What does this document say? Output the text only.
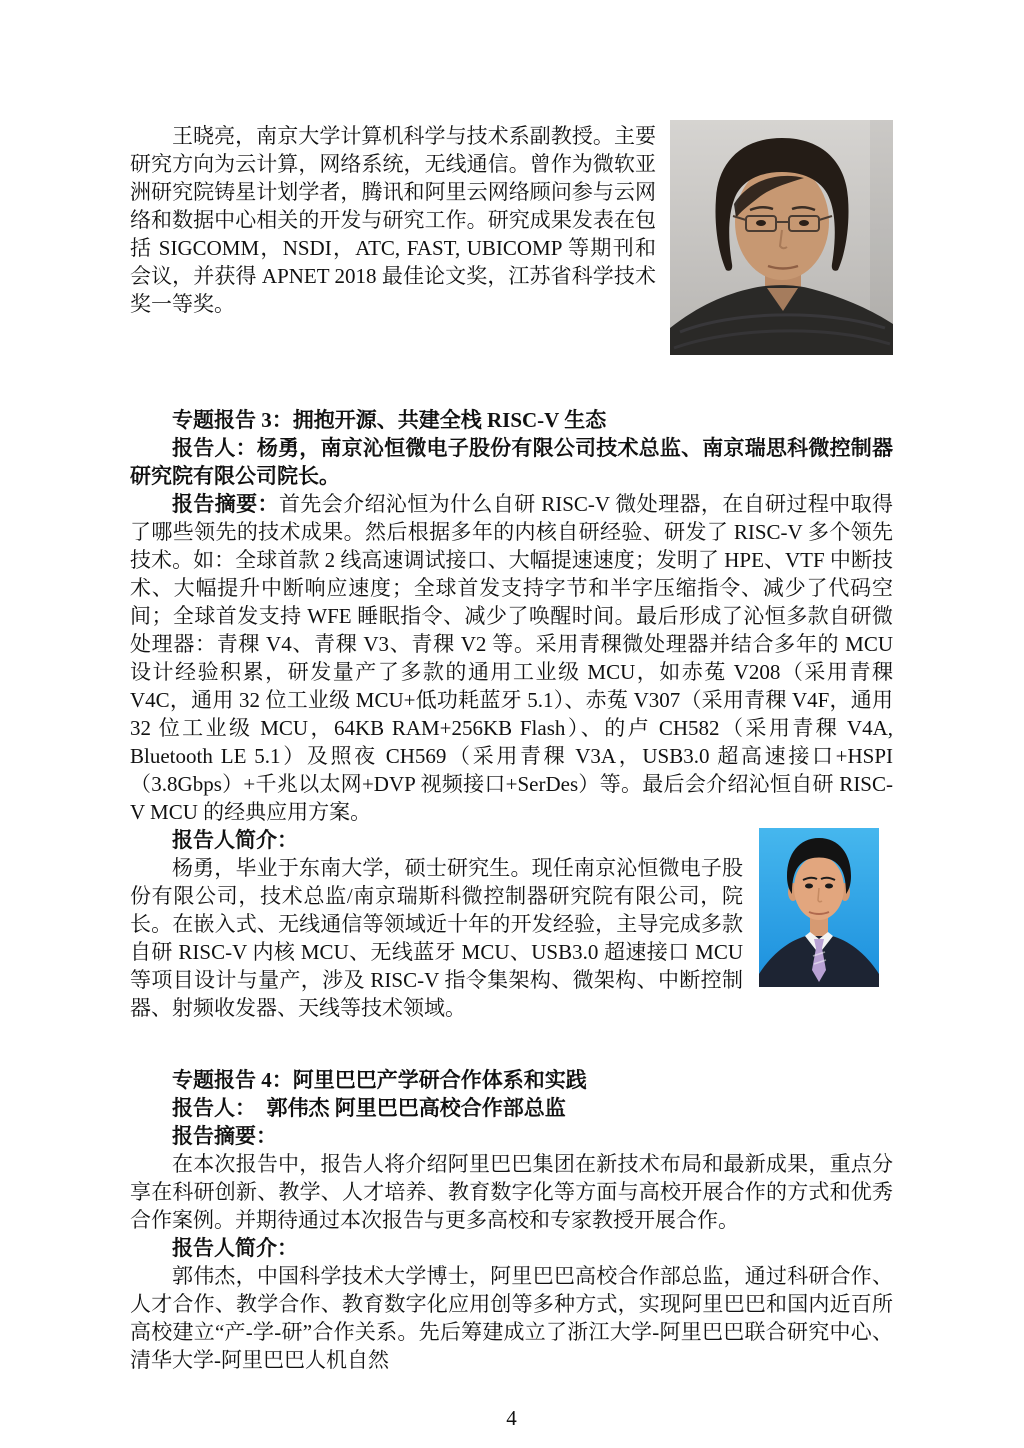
王晓亮，南京大学计算机科学与技术系副教授。主要研究方向为云计算，网络系统，无线通信。曾作为微软亚洲研究院铸星计划学者，腾讯和阿里云网络顾问参与云网络和数据中心相关的开发与研究工作。研究成果发表在包括 SIGCOMM，NSDI，ATC, FAST, UBICOMP 等期刊和会议，并获得 APNET 2018 最佳论文奖，江苏省科学技术奖一等奖。

专题报告 3：拥抱开源、共建全栈 RISC-V 生态

报告人：杨勇，南京沁恒微电子股份有限公司技术总监、南京瑞思科微控制器研究院有限公司院长。

报告摘要：首先会介绍沁恒为什么自研 RISC-V 微处理器，在自研过程中取得了哪些领先的技术成果。然后根据多年的内核自研经验、研发了 RISC-V 多个领先技术。如：全球首款 2 线高速调试接口、大幅提速速度；发明了 HPE、VTF 中断技术、大幅提升中断响应速度；全球首发支持字节和半字压缩指令、减少了代码空间；全球首发支持 WFE 睡眠指令、减少了唤醒时间。最后形成了沁恒多款自研微处理器：青稞 V4、青稞 V3、青稞 V2 等。采用青稞微处理器并结合多年的 MCU 设计经验积累，研发量产了多款的通用工业级 MCU，如赤菟 V208（采用青稞 V4C，通用 32 位工业级 MCU+低功耗蓝牙 5.1）、赤菟 V307（采用青稞 V4F，通用 32 位工业级 MCU，64KB RAM+256KB Flash）、的卢 CH582（采用青稞 V4A, Bluetooth LE 5.1）及照夜 CH569（采用青稞 V3A，USB3.0 超高速接口+HSPI（3.8Gbps）+千兆以太网+DVP 视频接口+SerDes）等。最后会介绍沁恒自研 RISC-V MCU 的经典应用方案。

报告人简介：

杨勇，毕业于东南大学，硕士研究生。现任南京沁恒微电子股份有限公司，技术总监/南京瑞斯科微控制器研究院有限公司，院长。在嵌入式、无线通信等领域近十年的开发经验，主导完成多款自研 RISC-V 内核 MCU、无线蓝牙 MCU、USB3.0 超速接口 MCU 等项目设计与量产，涉及 RISC-V 指令集架构、微架构、中断控制器、射频收发器、天线等技术领域。

专题报告 4：阿里巴巴产学研合作体系和实践

报告人：　郭伟杰 阿里巴巴高校合作部总监

报告摘要：

在本次报告中，报告人将介绍阿里巴巴集团在新技术布局和最新成果，重点分享在科研创新、教学、人才培养、教育数字化等方面与高校开展合作的方式和优秀合作案例。并期待通过本次报告与更多高校和专家教授开展合作。

报告人简介：

郭伟杰，中国科学技术大学博士，阿里巴巴高校合作部总监，通过科研合作、人才合作、教学合作、教育数字化应用创等多种方式，实现阿里巴巴和国内近百所高校建立“产-学-研”合作关系。先后筹建成立了浙江大学-阿里巴巴联合研究中心、清华大学-阿里巴巴人机自然

4
